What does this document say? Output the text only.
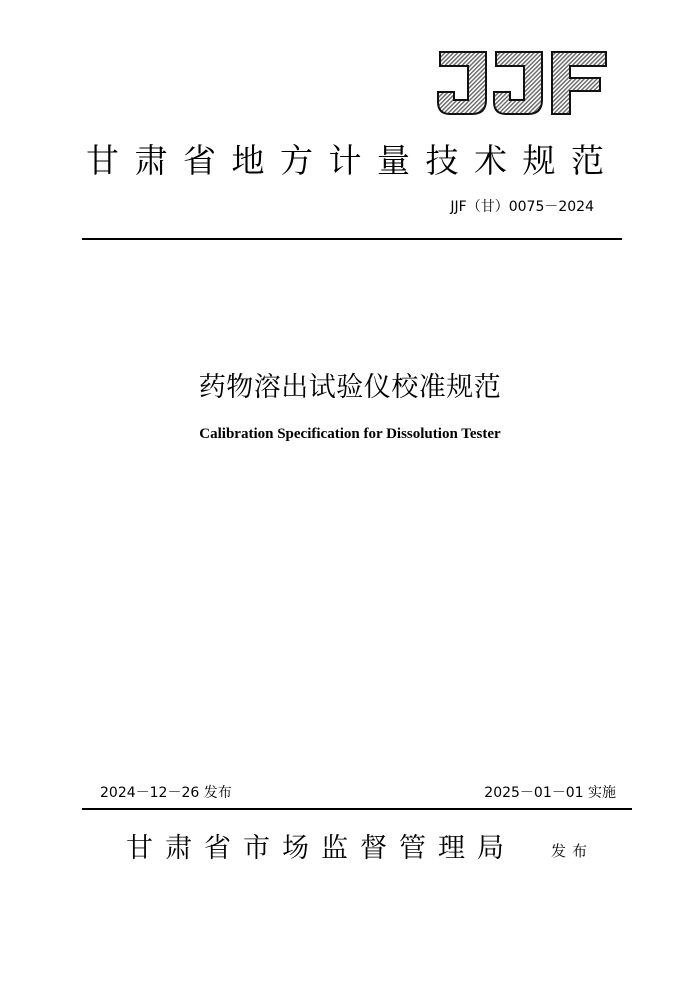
甘肃省地方计量技术规范
JJF（甘）0075－2024
药物溶出试验仪校准规范
Calibration Specification for Dissolution Tester
2024－12－26 发布	2025－01－01 实施
甘肃省市场监督管理局 发布
